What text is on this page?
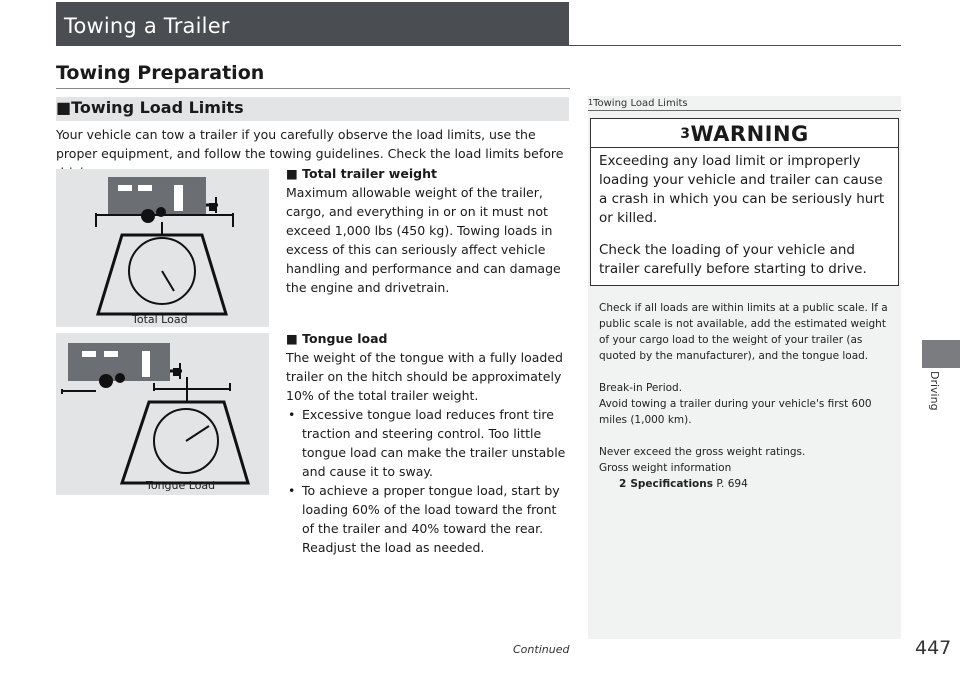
Towing a Trailer
Towing Preparation
■Towing Load Limits
Your vehicle can tow a trailer if you carefully observe the load limits, use the proper equipment, and follow the towing guidelines. Check the load limits before
Total Load
Tongue Load
■ Total trailer weight
Maximum allowable weight of the trailer, cargo, and everything in or on it must not exceed 1,000 lbs (450 kg). Towing loads in excess of this can seriously affect vehicle handling and performance and can damage the engine and drivetrain.
■ Tongue load
The weight of the tongue with a fully loaded trailer on the hitch should be approximately 10% of the total trailer weight.
• Excessive tongue load reduces front tire traction and steering control. Too little tongue load can make the trailer unstable and cause it to sway.
• To achieve a proper tongue load, start by loading 60% of the load toward the front of the trailer and 40% toward the rear. Readjust the load as needed.
1Towing Load Limits
3WARNING
Exceeding any load limit or improperly loading your vehicle and trailer can cause a crash in which you can be seriously hurt or killed.
Check the loading of your vehicle and trailer carefully before starting to drive.
Check if all loads are within limits at a public scale. If a public scale is not available, add the estimated weight of your cargo load to the weight of your trailer (as quoted by the manufacturer), and the tongue load.
Break-in Period.
Avoid towing a trailer during your vehicle's first 600 miles (1,000 km).
Never exceed the gross weight ratings.
Gross weight information
2 Specifications P. 694
Driving
Continued	447
